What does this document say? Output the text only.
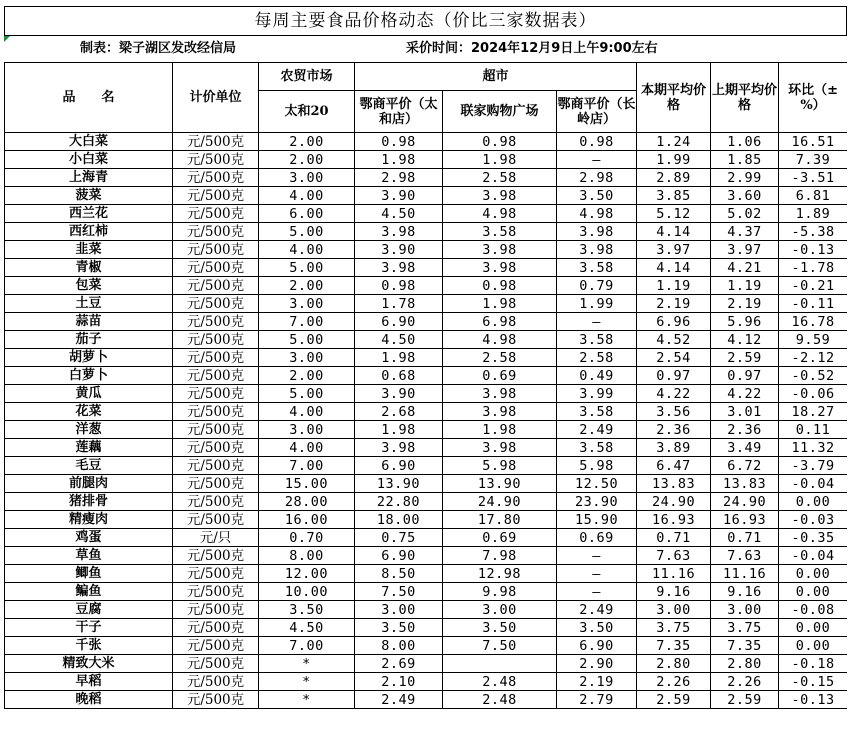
每周主要食品价格动态（价比三家数据表）
制表：梁子湖区发改经信局	采价时间：2024年12月9日上午9:00左右
品　　名	计价单位	农贸市场	超市			本期平均价格	上期平均价格	环比（±%）
		太和20	鄂商平价（太和店）	联家购物广场	鄂商平价（长岭店）			
大白菜	元/500克	2.00	0.98	0.98	0.98	1.24	1.06	16.51
小白菜	元/500克	2.00	1.98	1.98	—	1.99	1.85	7.39
上海青	元/500克	3.00	2.98	2.58	2.98	2.89	2.99	-3.51
菠菜	元/500克	4.00	3.90	3.98	3.50	3.85	3.60	6.81
西兰花	元/500克	6.00	4.50	4.98	4.98	5.12	5.02	1.89
西红柿	元/500克	5.00	3.98	3.58	3.98	4.14	4.37	-5.38
韭菜	元/500克	4.00	3.90	3.98	3.98	3.97	3.97	-0.13
青椒	元/500克	5.00	3.98	3.98	3.58	4.14	4.21	-1.78
包菜	元/500克	2.00	0.98	0.98	0.79	1.19	1.19	-0.21
土豆	元/500克	3.00	1.78	1.98	1.99	2.19	2.19	-0.11
蒜苗	元/500克	7.00	6.90	6.98	—	6.96	5.96	16.78
茄子	元/500克	5.00	4.50	4.98	3.58	4.52	4.12	9.59
胡萝卜	元/500克	3.00	1.98	2.58	2.58	2.54	2.59	-2.12
白萝卜	元/500克	2.00	0.68	0.69	0.49	0.97	0.97	-0.52
黄瓜	元/500克	5.00	3.90	3.98	3.99	4.22	4.22	-0.06
花菜	元/500克	4.00	2.68	3.98	3.58	3.56	3.01	18.27
洋葱	元/500克	3.00	1.98	1.98	2.49	2.36	2.36	0.11
莲藕	元/500克	4.00	3.98	3.98	3.58	3.89	3.49	11.32
毛豆	元/500克	7.00	6.90	5.98	5.98	6.47	6.72	-3.79
前腿肉	元/500克	15.00	13.90	13.90	12.50	13.83	13.83	-0.04
猪排骨	元/500克	28.00	22.80	24.90	23.90	24.90	24.90	0.00
精瘦肉	元/500克	16.00	18.00	17.80	15.90	16.93	16.93	-0.03
鸡蛋	元/只	0.70	0.75	0.69	0.69	0.71	0.71	-0.35
草鱼	元/500克	8.00	6.90	7.98	—	7.63	7.63	-0.04
鲫鱼	元/500克	12.00	8.50	12.98	—	11.16	11.16	0.00
鳊鱼	元/500克	10.00	7.50	9.98	—	9.16	9.16	0.00
豆腐	元/500克	3.50	3.00	3.00	2.49	3.00	3.00	-0.08
干子	元/500克	4.50	3.50	3.50	3.50	3.75	3.75	0.00
千张	元/500克	7.00	8.00	7.50	6.90	7.35	7.35	0.00
精致大米	元/500克	*	2.69		2.90	2.80	2.80	-0.18
早稻	元/500克	*	2.10	2.48	2.19	2.26	2.26	-0.15
晚稻	元/500克	*	2.49	2.48	2.79	2.59	2.59	-0.13
